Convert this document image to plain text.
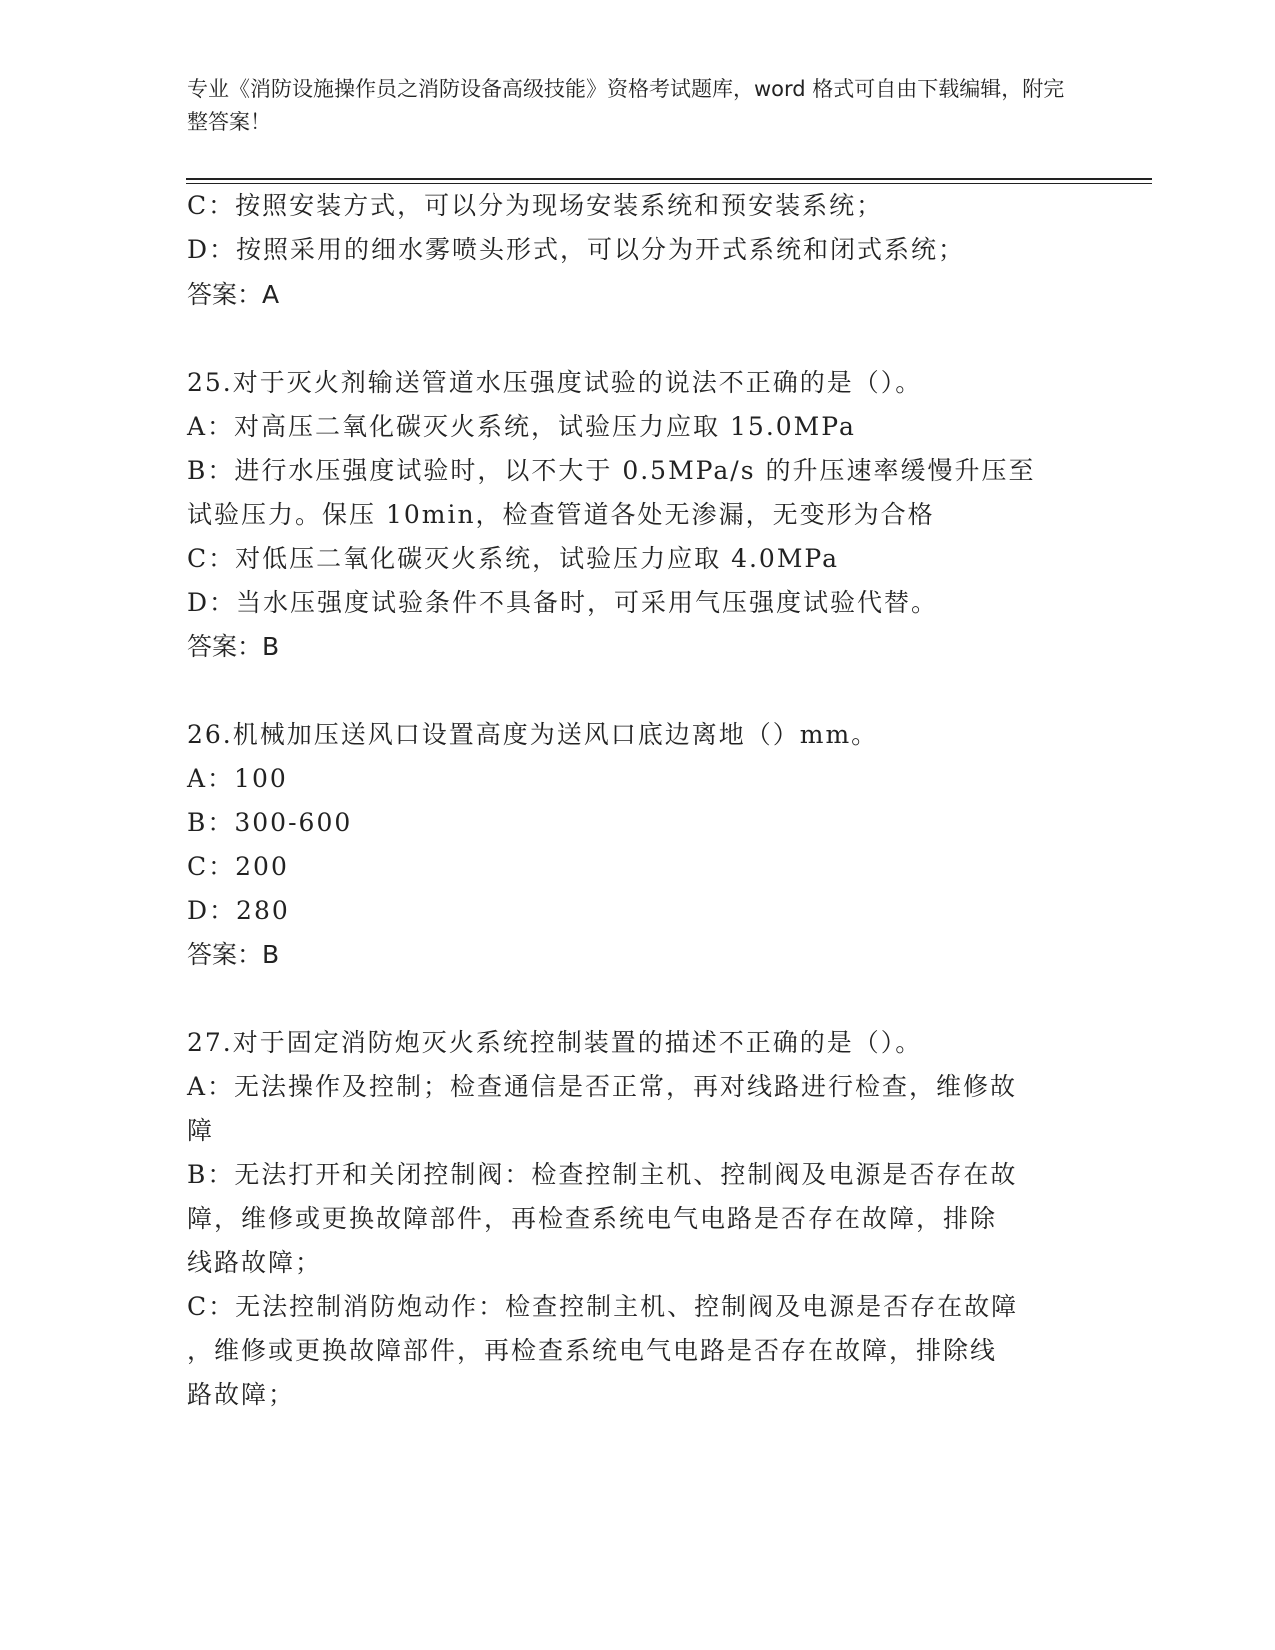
专业《消防设施操作员之消防设备高级技能》资格考试题库，word 格式可自由下载编辑，附完整答案！
C：按照安装方式，可以分为现场安装系统和预安装系统；
D：按照采用的细水雾喷头形式，可以分为开式系统和闭式系统；
答案：A
25.对于灭火剂输送管道水压强度试验的说法不正确的是（）。
A：对高压二氧化碳灭火系统，试验压力应取 15.0MPa
B：进行水压强度试验时，以不大于 0.5MPa/s 的升压速率缓慢升压至
试验压力。保压 10min，检查管道各处无渗漏，无变形为合格
C：对低压二氧化碳灭火系统，试验压力应取 4.0MPa
D：当水压强度试验条件不具备时，可采用气压强度试验代替。
答案：B
26.机械加压送风口设置高度为送风口底边离地（）mm。
A：100
B：300-600
C：200
D：280
答案：B
27.对于固定消防炮灭火系统控制装置的描述不正确的是（）。
A：无法操作及控制；检查通信是否正常，再对线路进行检查，维修故
障
B：无法打开和关闭控制阀：检查控制主机、控制阀及电源是否存在故
障，维修或更换故障部件，再检查系统电气电路是否存在故障，排除
线路故障；
C：无法控制消防炮动作：检查控制主机、控制阀及电源是否存在故障
，维修或更换故障部件，再检查系统电气电路是否存在故障，排除线
路故障；
